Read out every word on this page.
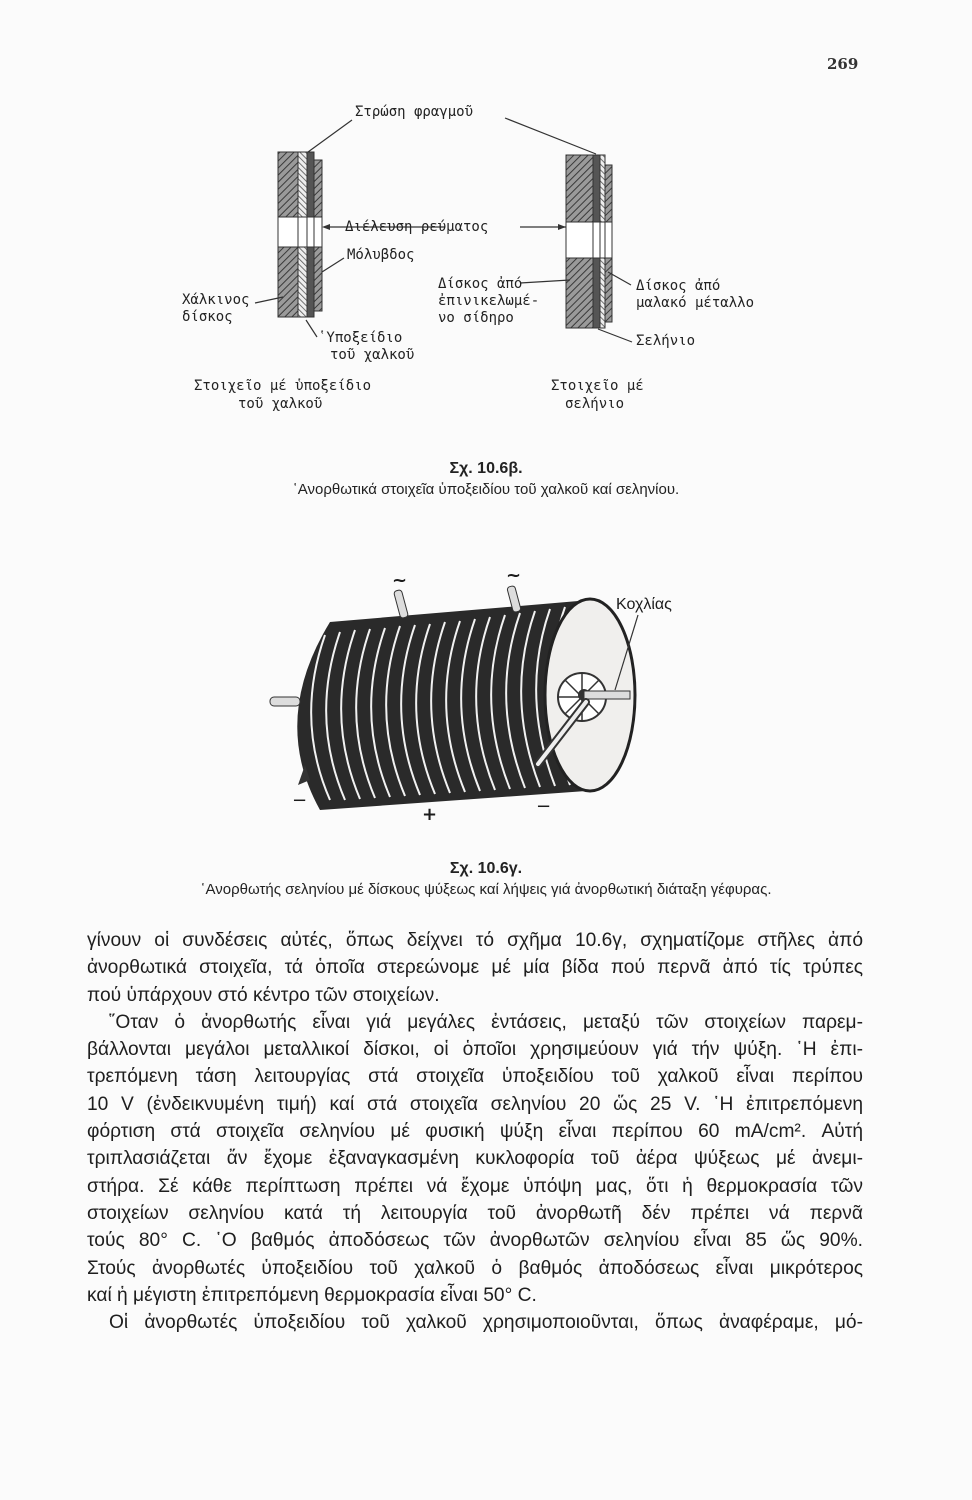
269
Στρώση φραγμοῦ
Διέλευση ρεύματος
Μόλυβδος
Χάλκινος
δίσκος
῾Υποξείδιο
τοῦ χαλκοῦ
Δίσκος ἀπό
ἐπινικελωμέ-
νο σίδηρο
Δίσκος ἀπό
μαλακό μέταλλο
Σελήνιο
Στοιχεῖο μέ ὑποξείδιο
τοῦ χαλκοῦ
Στοιχεῖο μέ
σελήνιο
Σχ. 10.6β.
῾Ανορθωτικά στοιχεῖα ὑποξειδίου τοῦ χαλκοῦ καί σεληνίου.
~	~
Κοχλίας
−
+	−
Σχ. 10.6γ.
῾Ανορθωτής σεληνίου μέ δίσκους ψύξεως καί λήψεις γιά ἀνορθωτική διάταξη γέφυρας.

γίνουν οἱ συνδέσεις αὐτές, ὅπως δείχνει τό σχῆμα 10.6γ, σχηματίζομε στῆλες ἀπό

ἀνορθωτικά στοιχεῖα, τά ὁποῖα στερεώνομε μέ μία βίδα πού περνᾶ ἀπό τίς τρύπες

πού ὑπάρχουν στό κέντρο τῶν στοιχείων.

῞Οταν ὁ ἀνορθωτής εἶναι γιά μεγάλες ἐντάσεις, μεταξύ τῶν στοιχείων παρεμ-

βάλλονται μεγάλοι μεταλλικοί δίσκοι, οἱ ὁποῖοι χρησιμεύουν γιά τήν ψύξη. ῾Η ἐπι-

τρεπόμενη τάση λειτουργίας στά στοιχεῖα ὑποξειδίου τοῦ χαλκοῦ εἶναι περίπου

10 V (ἐνδεικνυμένη τιμή) καί στά στοιχεῖα σεληνίου 20 ὥς 25 V. ῾Η ἐπιτρεπόμενη

φόρτιση στά στοιχεῖα σεληνίου μέ φυσική ψύξη εἶναι περίπου 60 mA/cm². Αὐτή

τριπλασιάζεται ἄν ἔχομε ἐξαναγκασμένη κυκλοφορία τοῦ ἀέρα ψύξεως μέ ἀνεμι-

στήρα. Σέ κάθε περίπτωση πρέπει νά ἔχομε ὑπόψη μας, ὅτι ἡ θερμοκρασία τῶν

στοιχείων σεληνίου κατά τή λειτουργία τοῦ ἀνορθωτῆ δέν πρέπει νά περνᾶ

τούς 80° C. ῾Ο βαθμός ἀποδόσεως τῶν ἀνορθωτῶν σεληνίου εἶναι 85 ὥς 90%.

Στούς ἀνορθωτές ὑποξειδίου τοῦ χαλκοῦ ὁ βαθμός ἀποδόσεως εἶναι μικρότερος

καί ἡ μέγιστη ἐπιτρεπόμενη θερμοκρασία εἶναι 50° C.

Οἱ ἀνορθωτές ὑποξειδίου τοῦ χαλκοῦ χρησιμοποιοῦνται, ὅπως ἀναφέραμε, μό-
